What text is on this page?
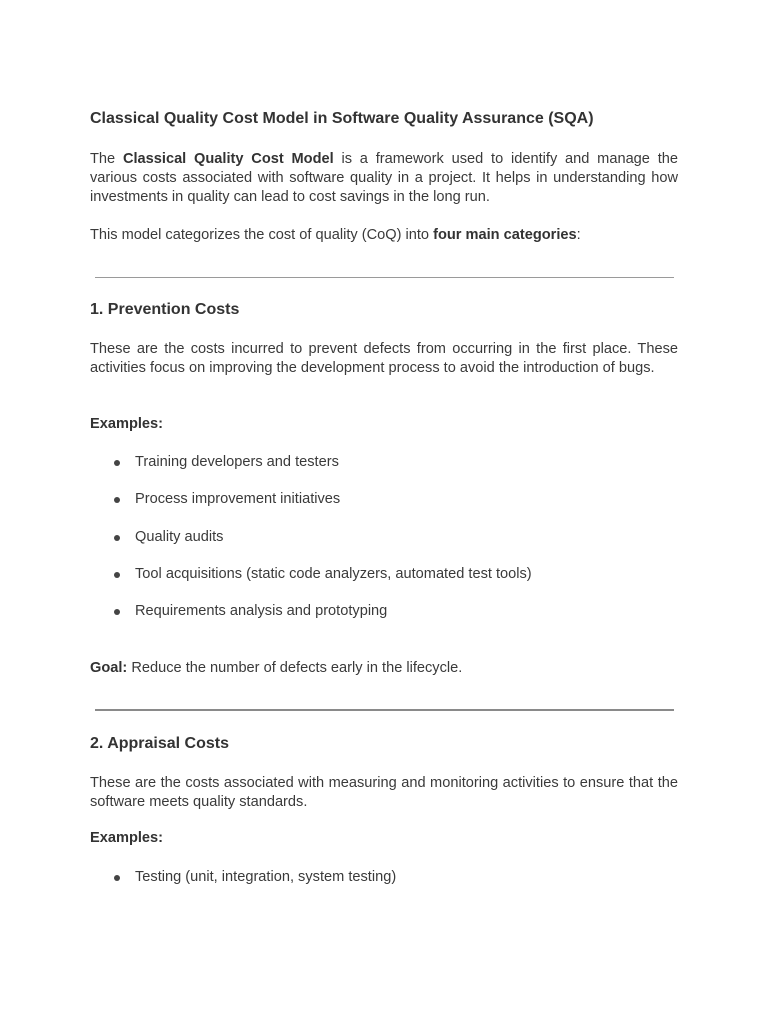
Classical Quality Cost Model in Software Quality Assurance (SQA)

The Classical Quality Cost Model is a framework used to identify and manage the various costs associated with software quality in a project. It helps in understanding how investments in quality can lead to cost savings in the long run.

This model categorizes the cost of quality (CoQ) into four main categories:

1. Prevention Costs

These are the costs incurred to prevent defects from occurring in the first place. These activities focus on improving the development process to avoid the introduction of bugs.

Examples:

Training developers and testers
Process improvement initiatives
Quality audits
Tool acquisitions (static code analyzers, automated test tools)
Requirements analysis and prototyping

Goal: Reduce the number of defects early in the lifecycle.

2. Appraisal Costs

These are the costs associated with measuring and monitoring activities to ensure that the software meets quality standards.

Examples:

Testing (unit, integration, system testing)
